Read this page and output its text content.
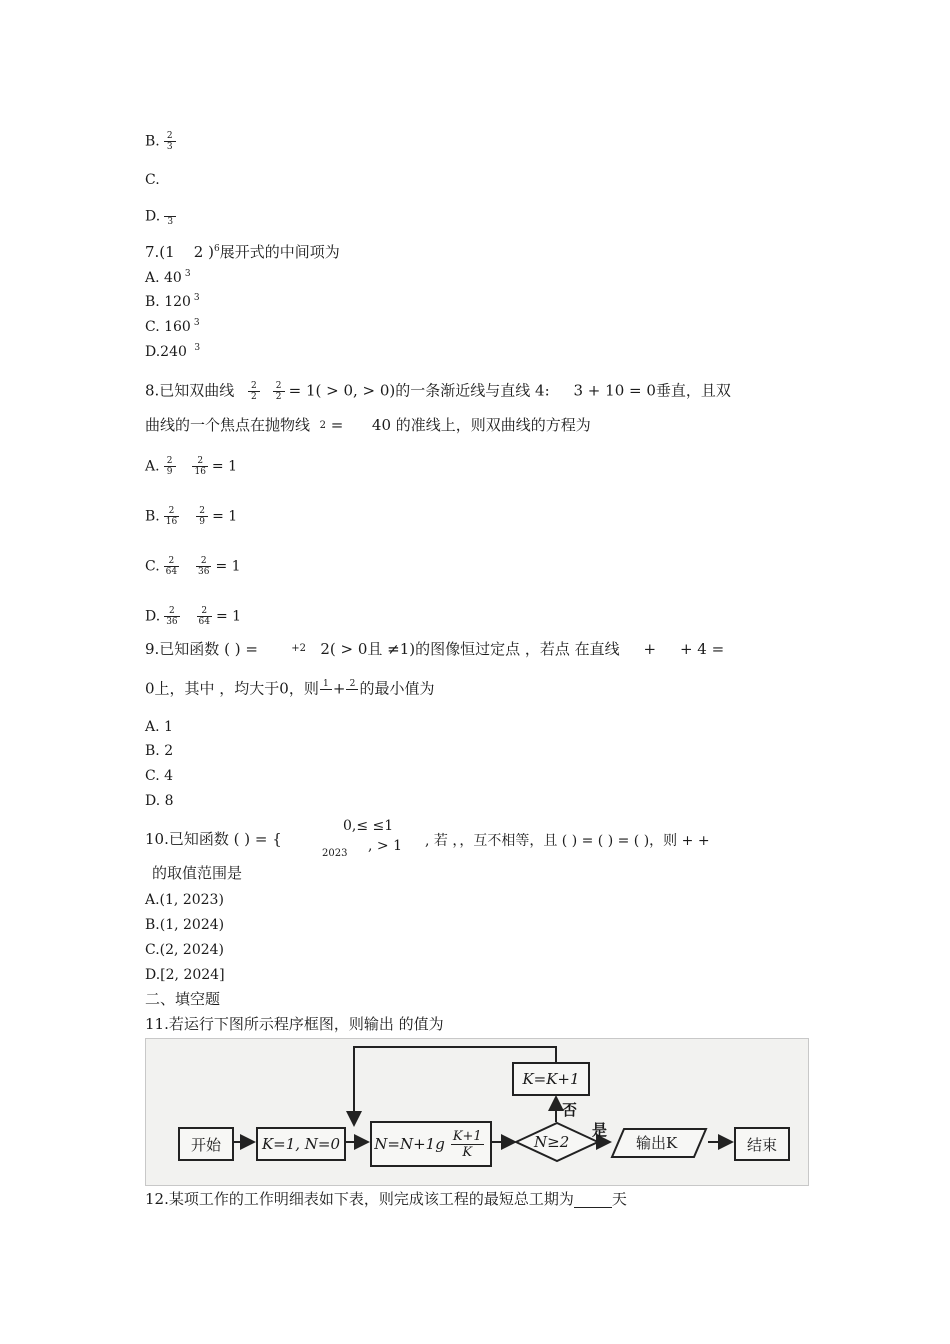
B. $\frac{2}{3}$
C.
D.
3
7.(1 2 )$^6$展开式的中间项为
A. 40 $^3$
B. 120 $^3$
C. 160 $^3$
D.240 $^3$
8.已知双曲线 $\frac{2}{2}$
$\frac{2}{2} = 1( > 0$, > 0)的一条渐近线与直线 4: 3 + 10 = 0垂直，且双
曲线的一个焦点在抛物线 2 = 40 的准线上，则双曲线的方程为
A. $\frac{2}{9}$
$\frac{2}{16} = 1$
B. $\frac{2}{16}$
$\frac{2}{9} = 1$
C. $\frac{2}{64}$
$\frac{2}{36} = 1$
D. $\frac{2}{36}$
$\frac{2}{64} = 1$
9.已知函数 ( ) =	$^{+2}$ 2( > 0且 ≠1)的图像恒过定点 ，若点 在直线 + + 4 =
0上，其中 ，均大于0，则 1
+ 2
的最小值为
A. 1
B. 2
C. 4
D. 8
10.已知函数 ( ) = {
0,≤ ≤1
2023 , > 1 , 若 ，，互不相等，且 ( ) = ( ) = ( )，则 + +
的取值范围是
A.(1, 2023)
B.(1, 2024)
C.(2, 2024)
D.[2, 2024]
二、填空题
11.若运行下图所示程序框图，则输出 的值为
开始	K=1, N=0 $N=N+1g \frac{K+1}{K}$	N≥2
是
否
K=K+1
输出K	结束
12.某项工作的工作明细表如下表，则完成该工程的最短总工期为	天
